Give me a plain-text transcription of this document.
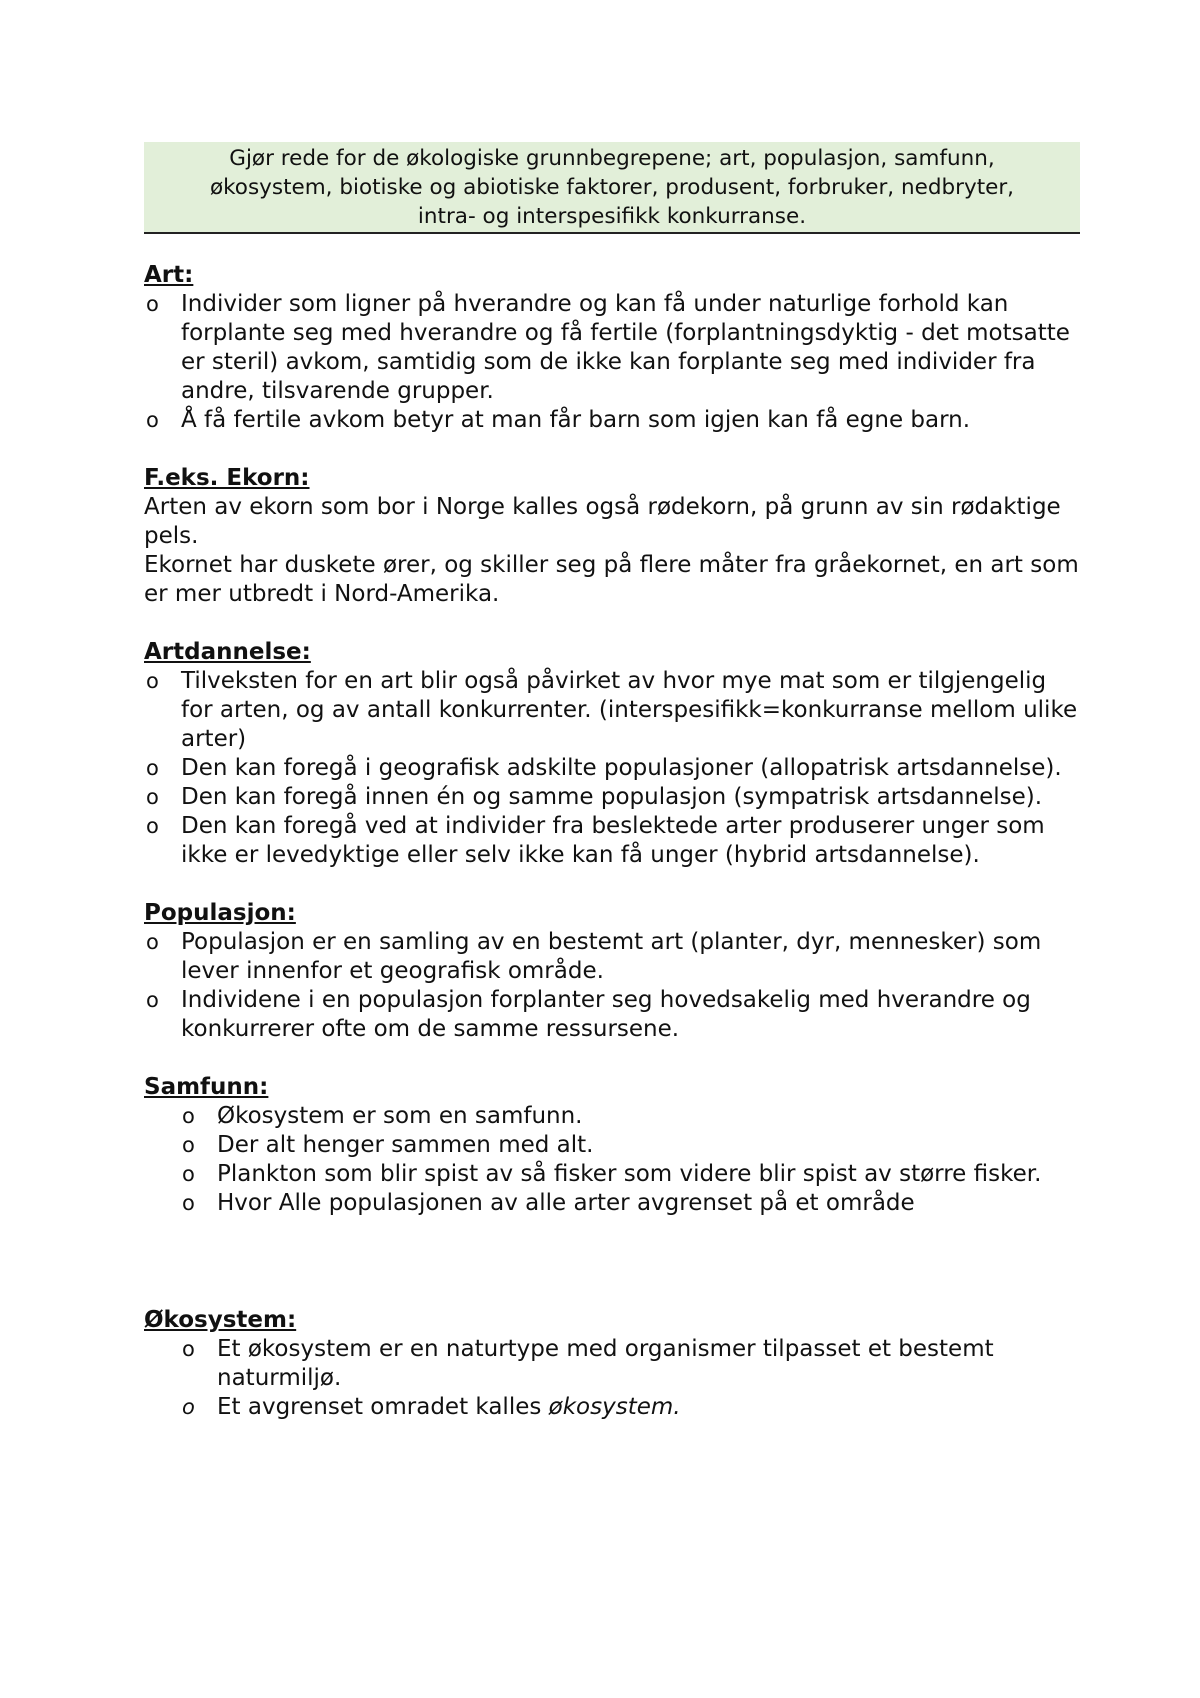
Gjør rede for de økologiske grunnbegrepene; art, populasjon, samfunn,
økosystem, biotiske og abiotiske faktorer, produsent, forbruker, nedbryter,
intra- og interspesifikk konkurranse.
Art:
o Individer som ligner på hverandre og kan få under naturlige forhold kan forplante seg med hverandre og få fertile (forplantningsdyktig - det motsatte er steril) avkom, samtidig som de ikke kan forplante seg med individer fra andre, tilsvarende grupper.
o Å få fertile avkom betyr at man får barn som igjen kan få egne barn.
F.eks. Ekorn:
Arten av ekorn som bor i Norge kalles også rødekorn, på grunn av sin rødaktige pels.
Ekornet har duskete ører, og skiller seg på flere måter fra gråekornet, en art som er mer utbredt i Nord-Amerika.
Artdannelse:
o Tilveksten for en art blir også påvirket av hvor mye mat som er tilgjengelig for arten, og av antall konkurrenter. (interspesifikk=konkurranse mellom ulike arter)
o Den kan foregå i geografisk adskilte populasjoner (allopatrisk artsdannelse).
o Den kan foregå innen én og samme populasjon (sympatrisk artsdannelse).
o Den kan foregå ved at individer fra beslektede arter produserer unger som ikke er levedyktige eller selv ikke kan få unger (hybrid artsdannelse).
Populasjon:
o Populasjon er en samling av en bestemt art (planter, dyr, mennesker) som lever innenfor et geografisk område.
o Individene i en populasjon forplanter seg hovedsakelig med hverandre og konkurrerer ofte om de samme ressursene.
Samfunn:
o Økosystem er som en samfunn.
o Der alt henger sammen med alt.
o Plankton som blir spist av så fisker som videre blir spist av større fisker.
o Hvor Alle populasjonen av alle arter avgrenset på et område
Økosystem:
o Et økosystem er en naturtype med organismer tilpasset et bestemt naturmiljø.
o Et avgrenset omradet kalles økosystem.
